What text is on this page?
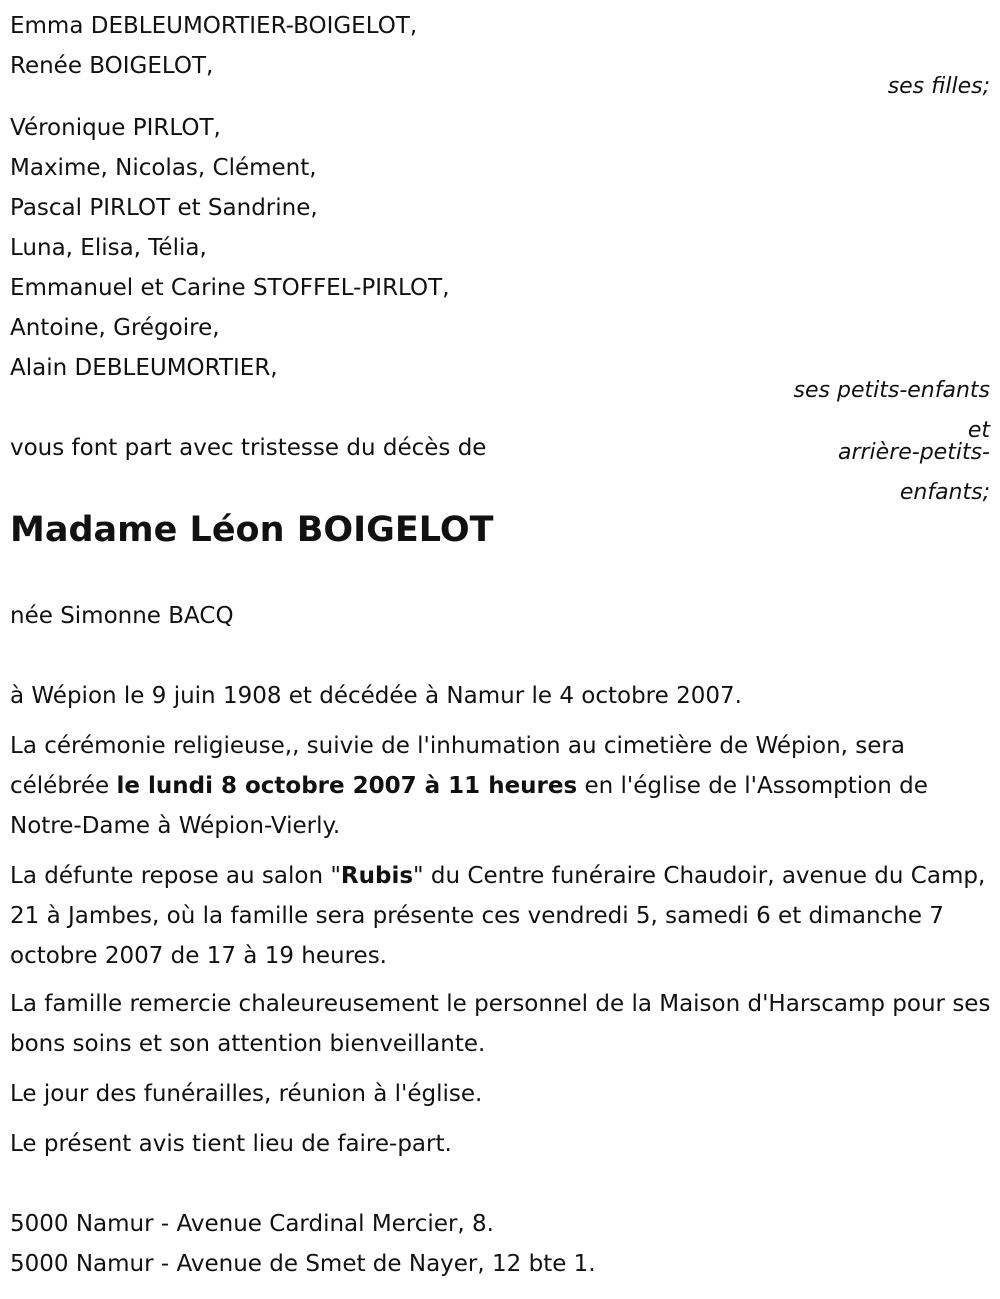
Emma DEBLEUMORTIER-BOIGELOT,
Renée BOIGELOT,
ses filles;
Véronique PIRLOT,
Maxime, Nicolas, Clément,
Pascal PIRLOT et Sandrine,
Luna, Elisa, Télia,
Emmanuel et Carine STOFFEL-PIRLOT,
Antoine, Grégoire,
Alain DEBLEUMORTIER,
ses petits-enfants
et
arrière-petits-
enfants;
vous font part avec tristesse du décès de
Madame Léon BOIGELOT
née Simonne BACQ
à Wépion le 9 juin 1908 et décédée à Namur le 4 octobre 2007.
La cérémonie religieuse,, suivie de l'inhumation au cimetière de Wépion, sera célébrée le lundi 8 octobre 2007 à 11 heures en l'église de l'Assomption de Notre-Dame à Wépion-Vierly.
La défunte repose au salon "Rubis" du Centre funéraire Chaudoir, avenue du Camp, 21 à Jambes, où la famille sera présente ces vendredi 5, samedi 6 et dimanche 7 octobre 2007 de 17 à 19 heures.
La famille remercie chaleureusement le personnel de la Maison d'Harscamp pour ses bons soins et son attention bienveillante.
Le jour des funérailles, réunion à l'église.
Le présent avis tient lieu de faire-part.
5000 Namur - Avenue Cardinal Mercier, 8.
5000 Namur - Avenue de Smet de Nayer, 12 bte 1.
